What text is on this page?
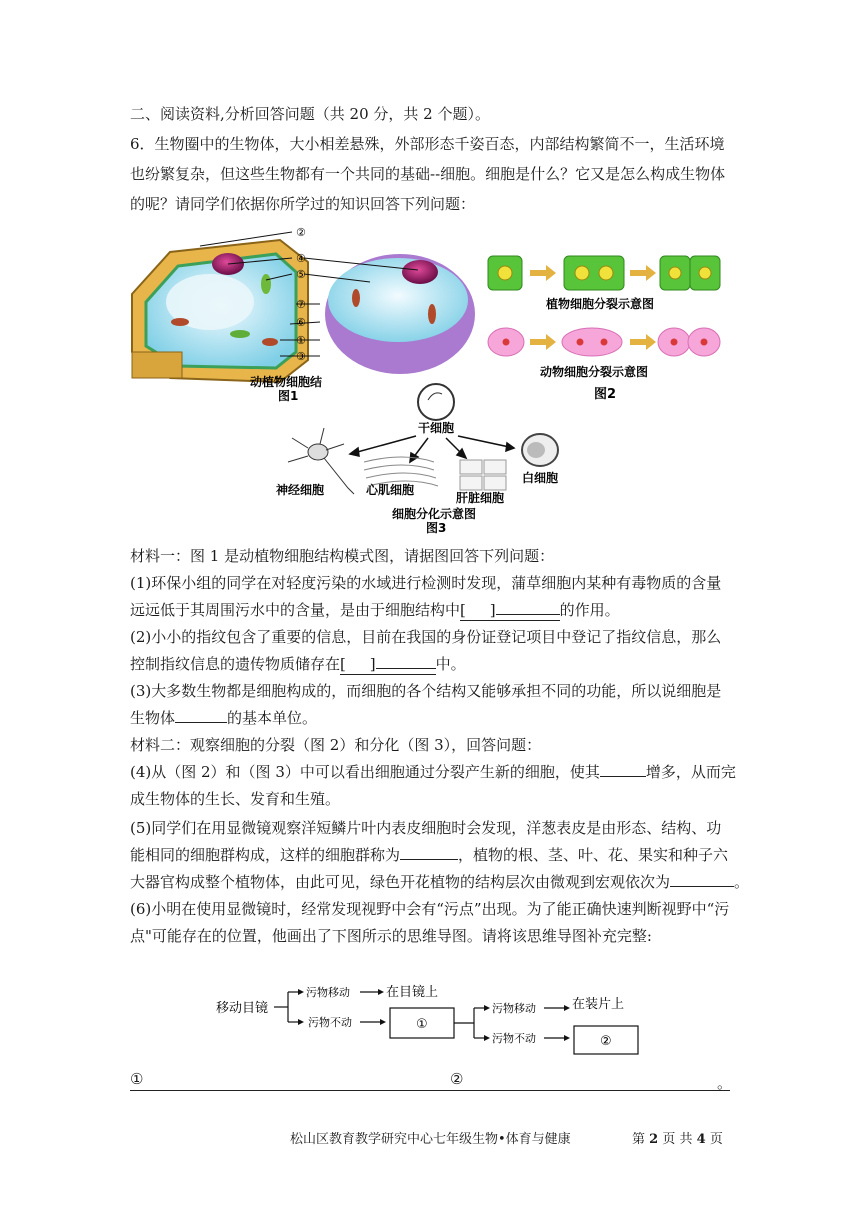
二、阅读资料,分析回答问题（共 20 分，共 2 个题）。
6．生物圈中的生物体，大小相差悬殊，外部形态千姿百态，内部结构繁简不一，生活环境
也纷繁复杂，但这些生物都有一个共同的基础--细胞。细胞是什么？它又是怎么构成生物体
的呢？请同学们依据你所学过的知识回答下列问题：
②
④
⑤
⑦
⑥
①
③
动植物细胞结
图1
植物细胞分裂示意图
动物细胞分裂示意图
图2
干细胞
神经细胞	心肌细胞
肝脏细胞
白细胞
细胞分化示意图
图3
材料一：图 1 是动植物细胞结构模式图，请据图回答下列问题：
(1)环保小组的同学在对轻度污染的水域进行检测时发现，蒲草细胞内某种有毒物质的含量
远远低于其周围污水中的含量，是由于细胞结构中[     ]	的作用。
(2)小小的指纹包含了重要的信息，目前在我国的身份证登记项目中登记了指纹信息，那么
控制指纹信息的遗传物质储存在[     ]	中。
(3)大多数生物都是细胞构成的，而细胞的各个结构又能够承担不同的功能，所以说细胞是
生物体	的基本单位。
材料二：观察细胞的分裂（图 2）和分化（图 3），回答问题：
(4)从（图 2）和（图 3）中可以看出细胞通过分裂产生新的细胞，使其	增多，从而完
成生物体的生长、发育和生殖。
(5)同学们在用显微镜观察洋短鳞片叶内表皮细胞时会发现，洋葱表皮是由形态、结构、功
能相同的细胞群构成，这样的细胞群称为	，植物的根、茎、叶、花、果实和种子六
大器官构成整个植物体，由此可见，绿色开花植物的结构层次由微观到宏观依次为	。
(6)小明在使用显微镜时，经常发现视野中会有“污点”出现。为了能正确快速判断视野中“污
点"可能存在的位置，他画出了下图所示的思维导图。请将该思维导图补充完整:
移动目镜
污物移动	在目镜上
污物不动	①
污物移动	在装片上
污物不动	②
①	②	。
松山区教育教学研究中心七年级生物•体育与健康	第 2 页 共 4 页
